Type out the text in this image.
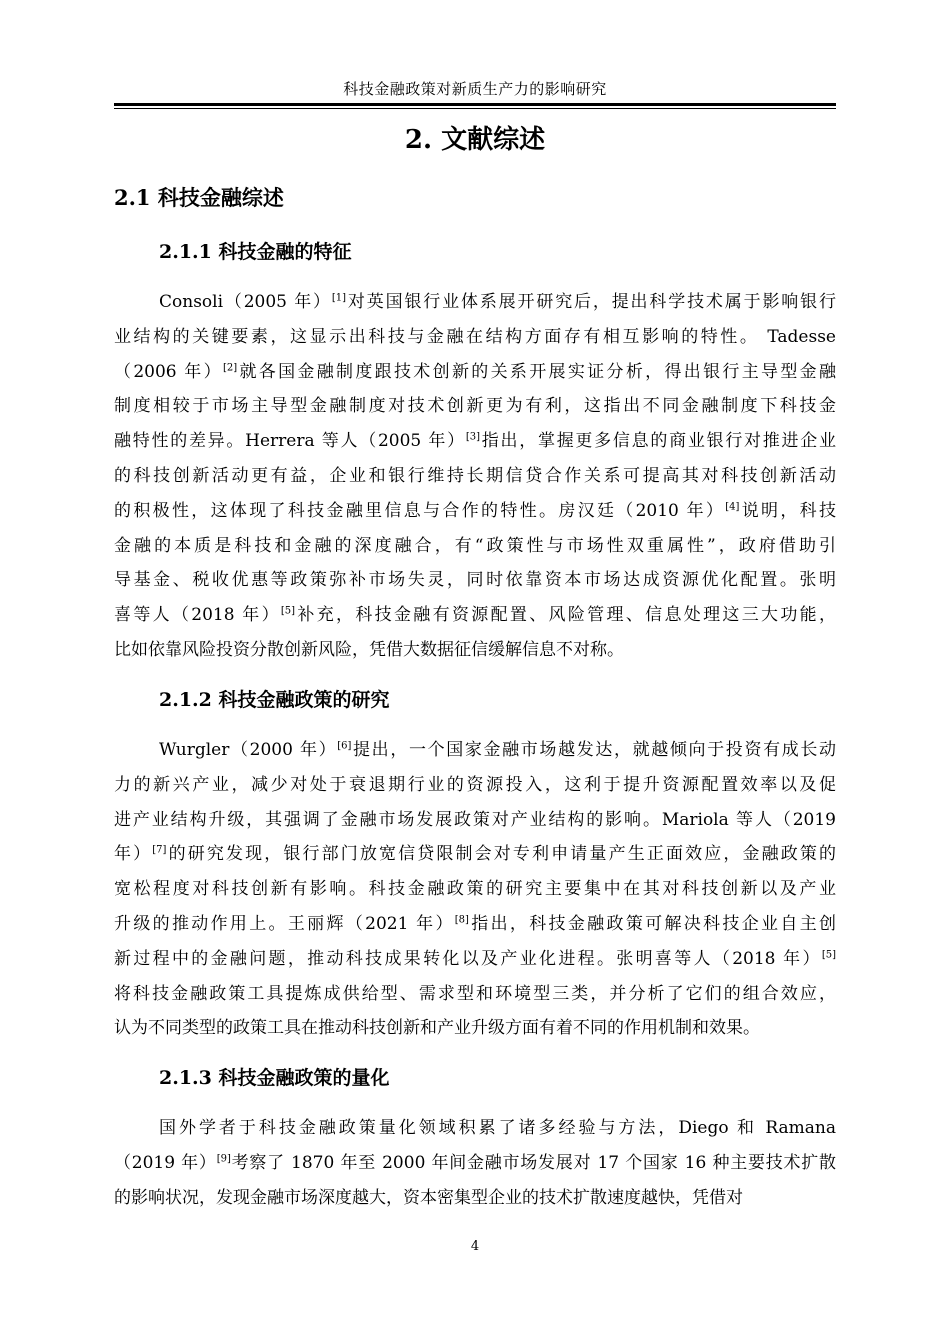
科技金融政策对新质生产力的影响研究
2. 文献综述
2.1 科技金融综述
2.1.1 科技金融的特征
Consoli（2005 年）[1]对英国银行业体系展开研究后，提出科学技术属于影响银行
业结构的关键要素，这显示出科技与金融在结构方面存有相互影响的特性。 Tadesse
（2006 年）[2]就各国金融制度跟技术创新的关系开展实证分析，得出银行主导型金融
制度相较于市场主导型金融制度对技术创新更为有利，这指出不同金融制度下科技金
融特性的差异。Herrera 等人（2005 年）[3]指出，掌握更多信息的商业银行对推进企业
的科技创新活动更有益，企业和银行维持长期信贷合作关系可提高其对科技创新活动
的积极性，这体现了科技金融里信息与合作的特性。房汉廷（2010 年）[4]说明，科技
金融的本质是科技和金融的深度融合，有“政策性与市场性双重属性”，政府借助引
导基金、税收优惠等政策弥补市场失灵，同时依靠资本市场达成资源优化配置。张明
喜等人（2018 年）[5]补充，科技金融有资源配置、风险管理、信息处理这三大功能，
比如依靠风险投资分散创新风险，凭借大数据征信缓解信息不对称。
2.1.2 科技金融政策的研究
Wurgler（2000 年）[6]提出，一个国家金融市场越发达，就越倾向于投资有成长动
力的新兴产业，减少对处于衰退期行业的资源投入，这利于提升资源配置效率以及促
进产业结构升级，其强调了金融市场发展政策对产业结构的影响。Mariola 等人（2019
年）[7]的研究发现，银行部门放宽信贷限制会对专利申请量产生正面效应，金融政策的
宽松程度对科技创新有影响。科技金融政策的研究主要集中在其对科技创新以及产业
升级的推动作用上。王丽辉（2021 年）[8]指出，科技金融政策可解决科技企业自主创
新过程中的金融问题，推动科技成果转化以及产业化进程。张明喜等人（2018 年）[5]
将科技金融政策工具提炼成供给型、需求型和环境型三类，并分析了它们的组合效应，
认为不同类型的政策工具在推动科技创新和产业升级方面有着不同的作用机制和效果。
2.1.3 科技金融政策的量化
国外学者于科技金融政策量化领域积累了诸多经验与方法，Diego 和 Ramana
（2019 年）[9]考察了 1870 年至 2000 年间金融市场发展对 17 个国家 16 种主要技术扩散
的影响状况，发现金融市场深度越大，资本密集型企业的技术扩散速度越快，凭借对
4
